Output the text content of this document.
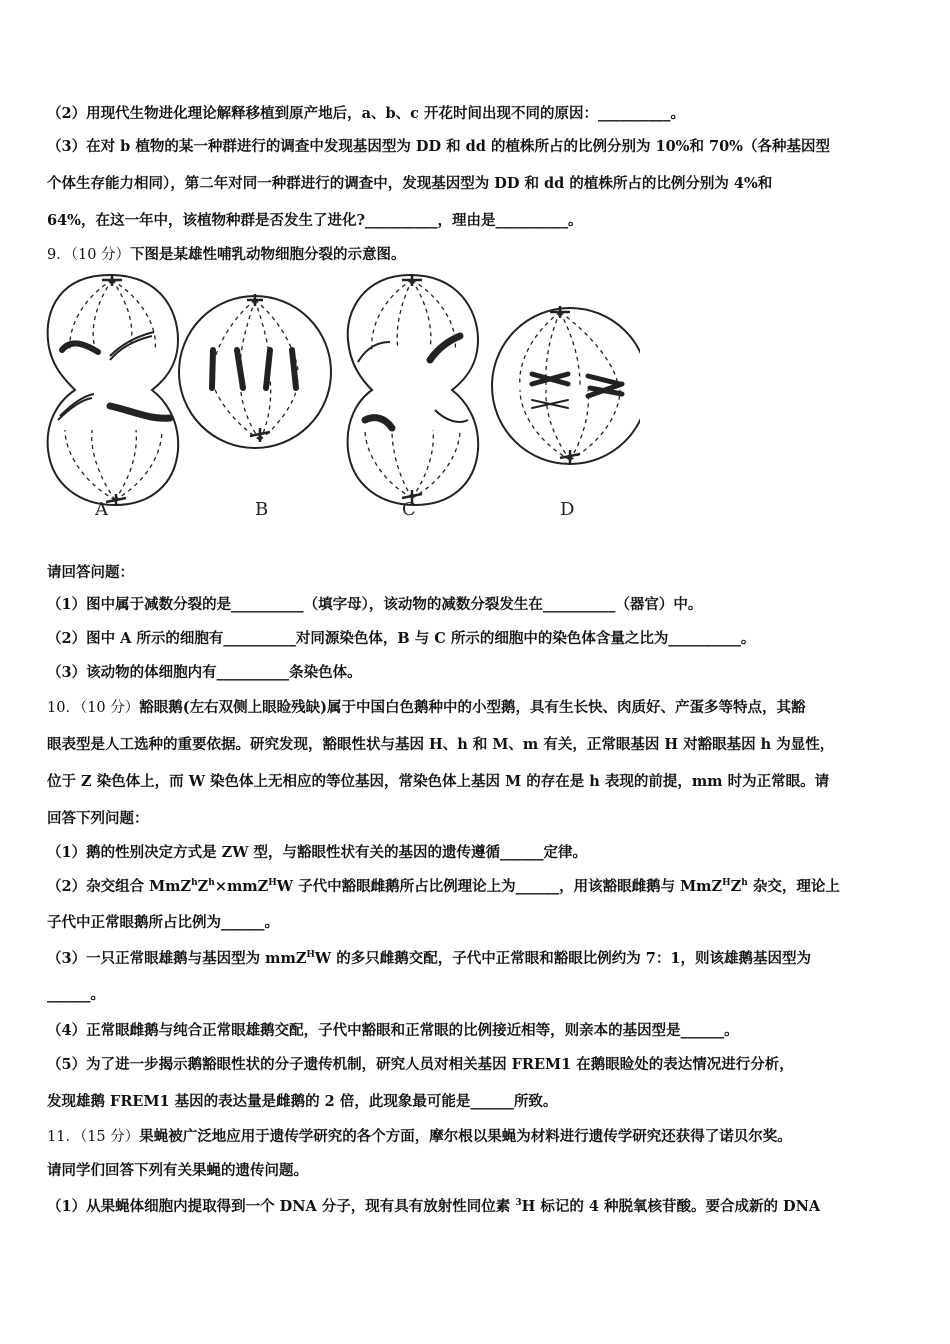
（2）用现代生物进化理论解释移植到原产地后，a、b、c 开花时间出现不同的原因：__________。
（3）在对 b 植物的某一种群进行的调查中发现基因型为 DD 和 dd 的植株所占的比例分别为 10%和 70%（各种基因型
个体生存能力相同），第二年对同一种群进行的调查中，发现基因型为 DD 和 dd 的植株所占的比例分别为 4%和
64%，在这一年中，该植物种群是否发生了进化?__________，理由是__________。
9．（10 分）下图是某雄性哺乳动物细胞分裂的示意图。
A	B	C	D
请回答问题：
（1）图中属于减数分裂的是__________（填字母），该动物的减数分裂发生在__________（器官）中。
（2）图中 A 所示的细胞有__________对同源染色体，B 与 C 所示的细胞中的染色体含量之比为__________。
（3）该动物的体细胞内有__________条染色体。
10．（10 分）豁眼鹅(左右双侧上眼睑残缺)属于中国白色鹅种中的小型鹅，具有生长快、肉质好、产蛋多等特点，其豁
眼表型是人工选种的重要依据。研究发现，豁眼性状与基因 H、h 和 M、m 有关，正常眼基因 H 对豁眼基因 h 为显性，
位于 Z 染色体上，而 W 染色体上无相应的等位基因，常染色体上基因 M 的存在是 h 表现的前提，mm 时为正常眼。请
回答下列问题：
（1）鹅的性别决定方式是 ZW 型，与豁眼性状有关的基因的遗传遵循______定律。
（2）杂交组合 $MmZ^hZ^h\times mmZ^HW$ 子代中豁眼雌鹅所占比例理论上为______，用该豁眼雌鹅与 $MmZ^HZ^h$ 杂交，理论上
子代中正常眼鹅所占比例为______。
（3）一只正常眼雄鹅与基因型为 mmZ$^H$W 的多只雌鹅交配，子代中正常眼和豁眼比例约为 7：1，则该雄鹅基因型为
______。
（4）正常眼雌鹅与纯合正常眼雄鹅交配，子代中豁眼和正常眼的比例接近相等，则亲本的基因型是______。
（5）为了进一步揭示鹅豁眼性状的分子遗传机制，研究人员对相关基因 FREM1 在鹅眼睑处的表达情况进行分析，
发现雄鹅 FREM1 基因的表达量是雌鹅的 2 倍，此现象最可能是______所致。
11．（15 分）果蝇被广泛地应用于遗传学研究的各个方面，摩尔根以果蝇为材料进行遗传学研究还获得了诺贝尔奖。
请同学们回答下列有关果蝇的遗传问题。
（1）从果蝇体细胞内提取得到一个 DNA 分子，现有具有放射性同位素 $^3$H 标记的 4 种脱氧核苷酸。要合成新的 DNA
